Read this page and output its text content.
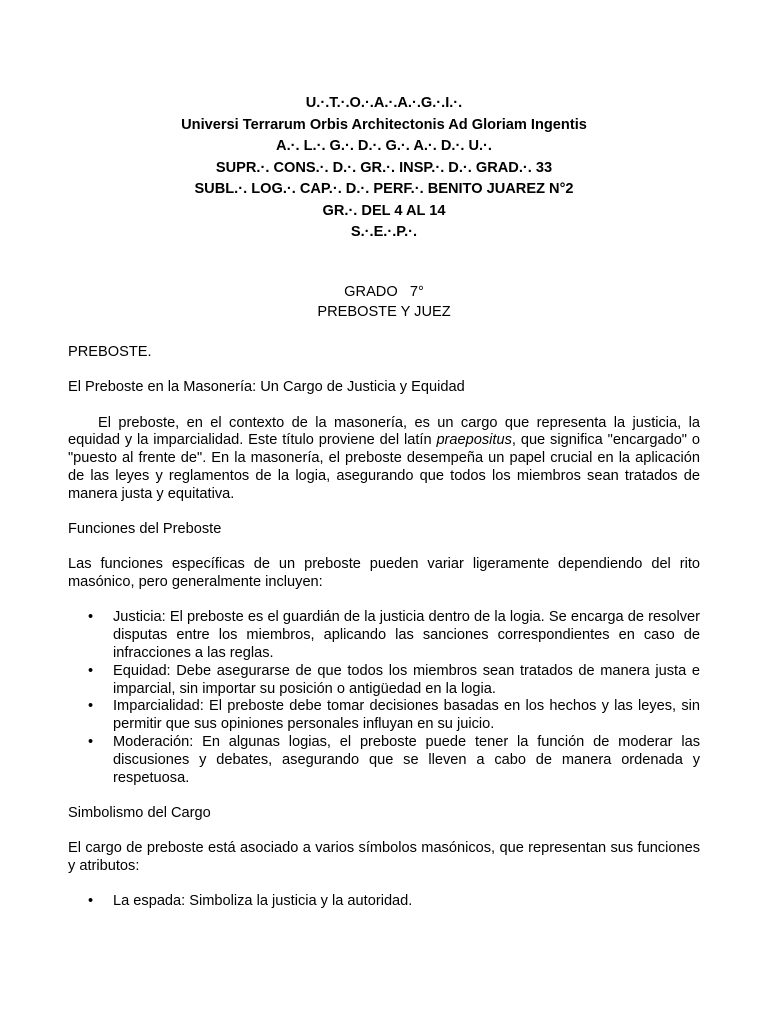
U.·.T.·.O.·.A.·.A.·.G.·.I.·.
Universi Terrarum Orbis Architectonis Ad Gloriam Ingentis
A.·. L.·. G.·. D.·. G.·. A.·. D.·. U.·.
SUPR.·. CONS.·. D.·. GR.·. INSP.·. D.·. GRAD.·. 33
SUBL.·. LOG.·. CAP.·. D.·. PERF.·. BENITO JUAREZ N°2
GR.·. DEL 4 AL 14
S.·.E.·.P.·.
GRADO   7°
PREBOSTE Y JUEZ

PREBOSTE.

El Preboste en la Masonería: Un Cargo de Justicia y Equidad

El preboste, en el contexto de la masonería, es un cargo que representa la justicia, la equidad y la imparcialidad. Este título proviene del latín praepositus, que significa "encargado" o "puesto al frente de". En la masonería, el preboste desempeña un papel crucial en la aplicación de las leyes y reglamentos de la logia, asegurando que todos los miembros sean tratados de manera justa y equitativa.

Funciones del Preboste

Las funciones específicas de un preboste pueden variar ligeramente dependiendo del rito masónico, pero generalmente incluyen:

• Justicia: El preboste es el guardián de la justicia dentro de la logia. Se encarga de resolver disputas entre los miembros, aplicando las sanciones correspondientes en caso de infracciones a las reglas.
• Equidad: Debe asegurarse de que todos los miembros sean tratados de manera justa e imparcial, sin importar su posición o antigüedad en la logia.
• Imparcialidad: El preboste debe tomar decisiones basadas en los hechos y las leyes, sin permitir que sus opiniones personales influyan en su juicio.
• Moderación: En algunas logias, el preboste puede tener la función de moderar las discusiones y debates, asegurando que se lleven a cabo de manera ordenada y respetuosa.

Simbolismo del Cargo

El cargo de preboste está asociado a varios símbolos masónicos, que representan sus funciones y atributos:

• La espada: Simboliza la justicia y la autoridad.
